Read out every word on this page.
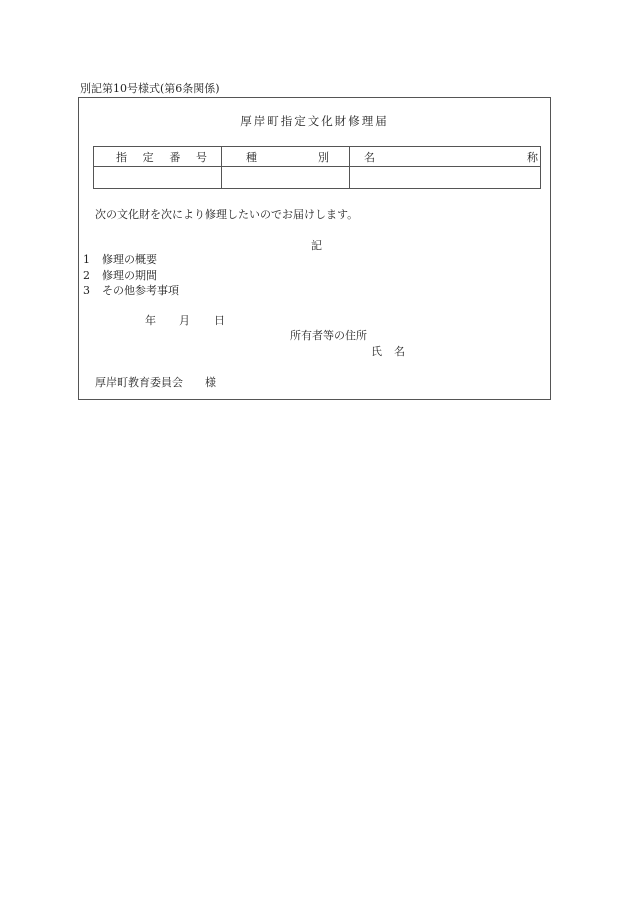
別記第10号様式(第6条関係)
厚岸町指定文化財修理届
指 定 番 号	種 別	名 称

次の文化財を次により修理したいのでお届けします。
記
1 修理の概要
2 修理の期間
3 その他参考事項
年 月 日
所有者等の住所
氏名
厚岸町教育委員会 様
